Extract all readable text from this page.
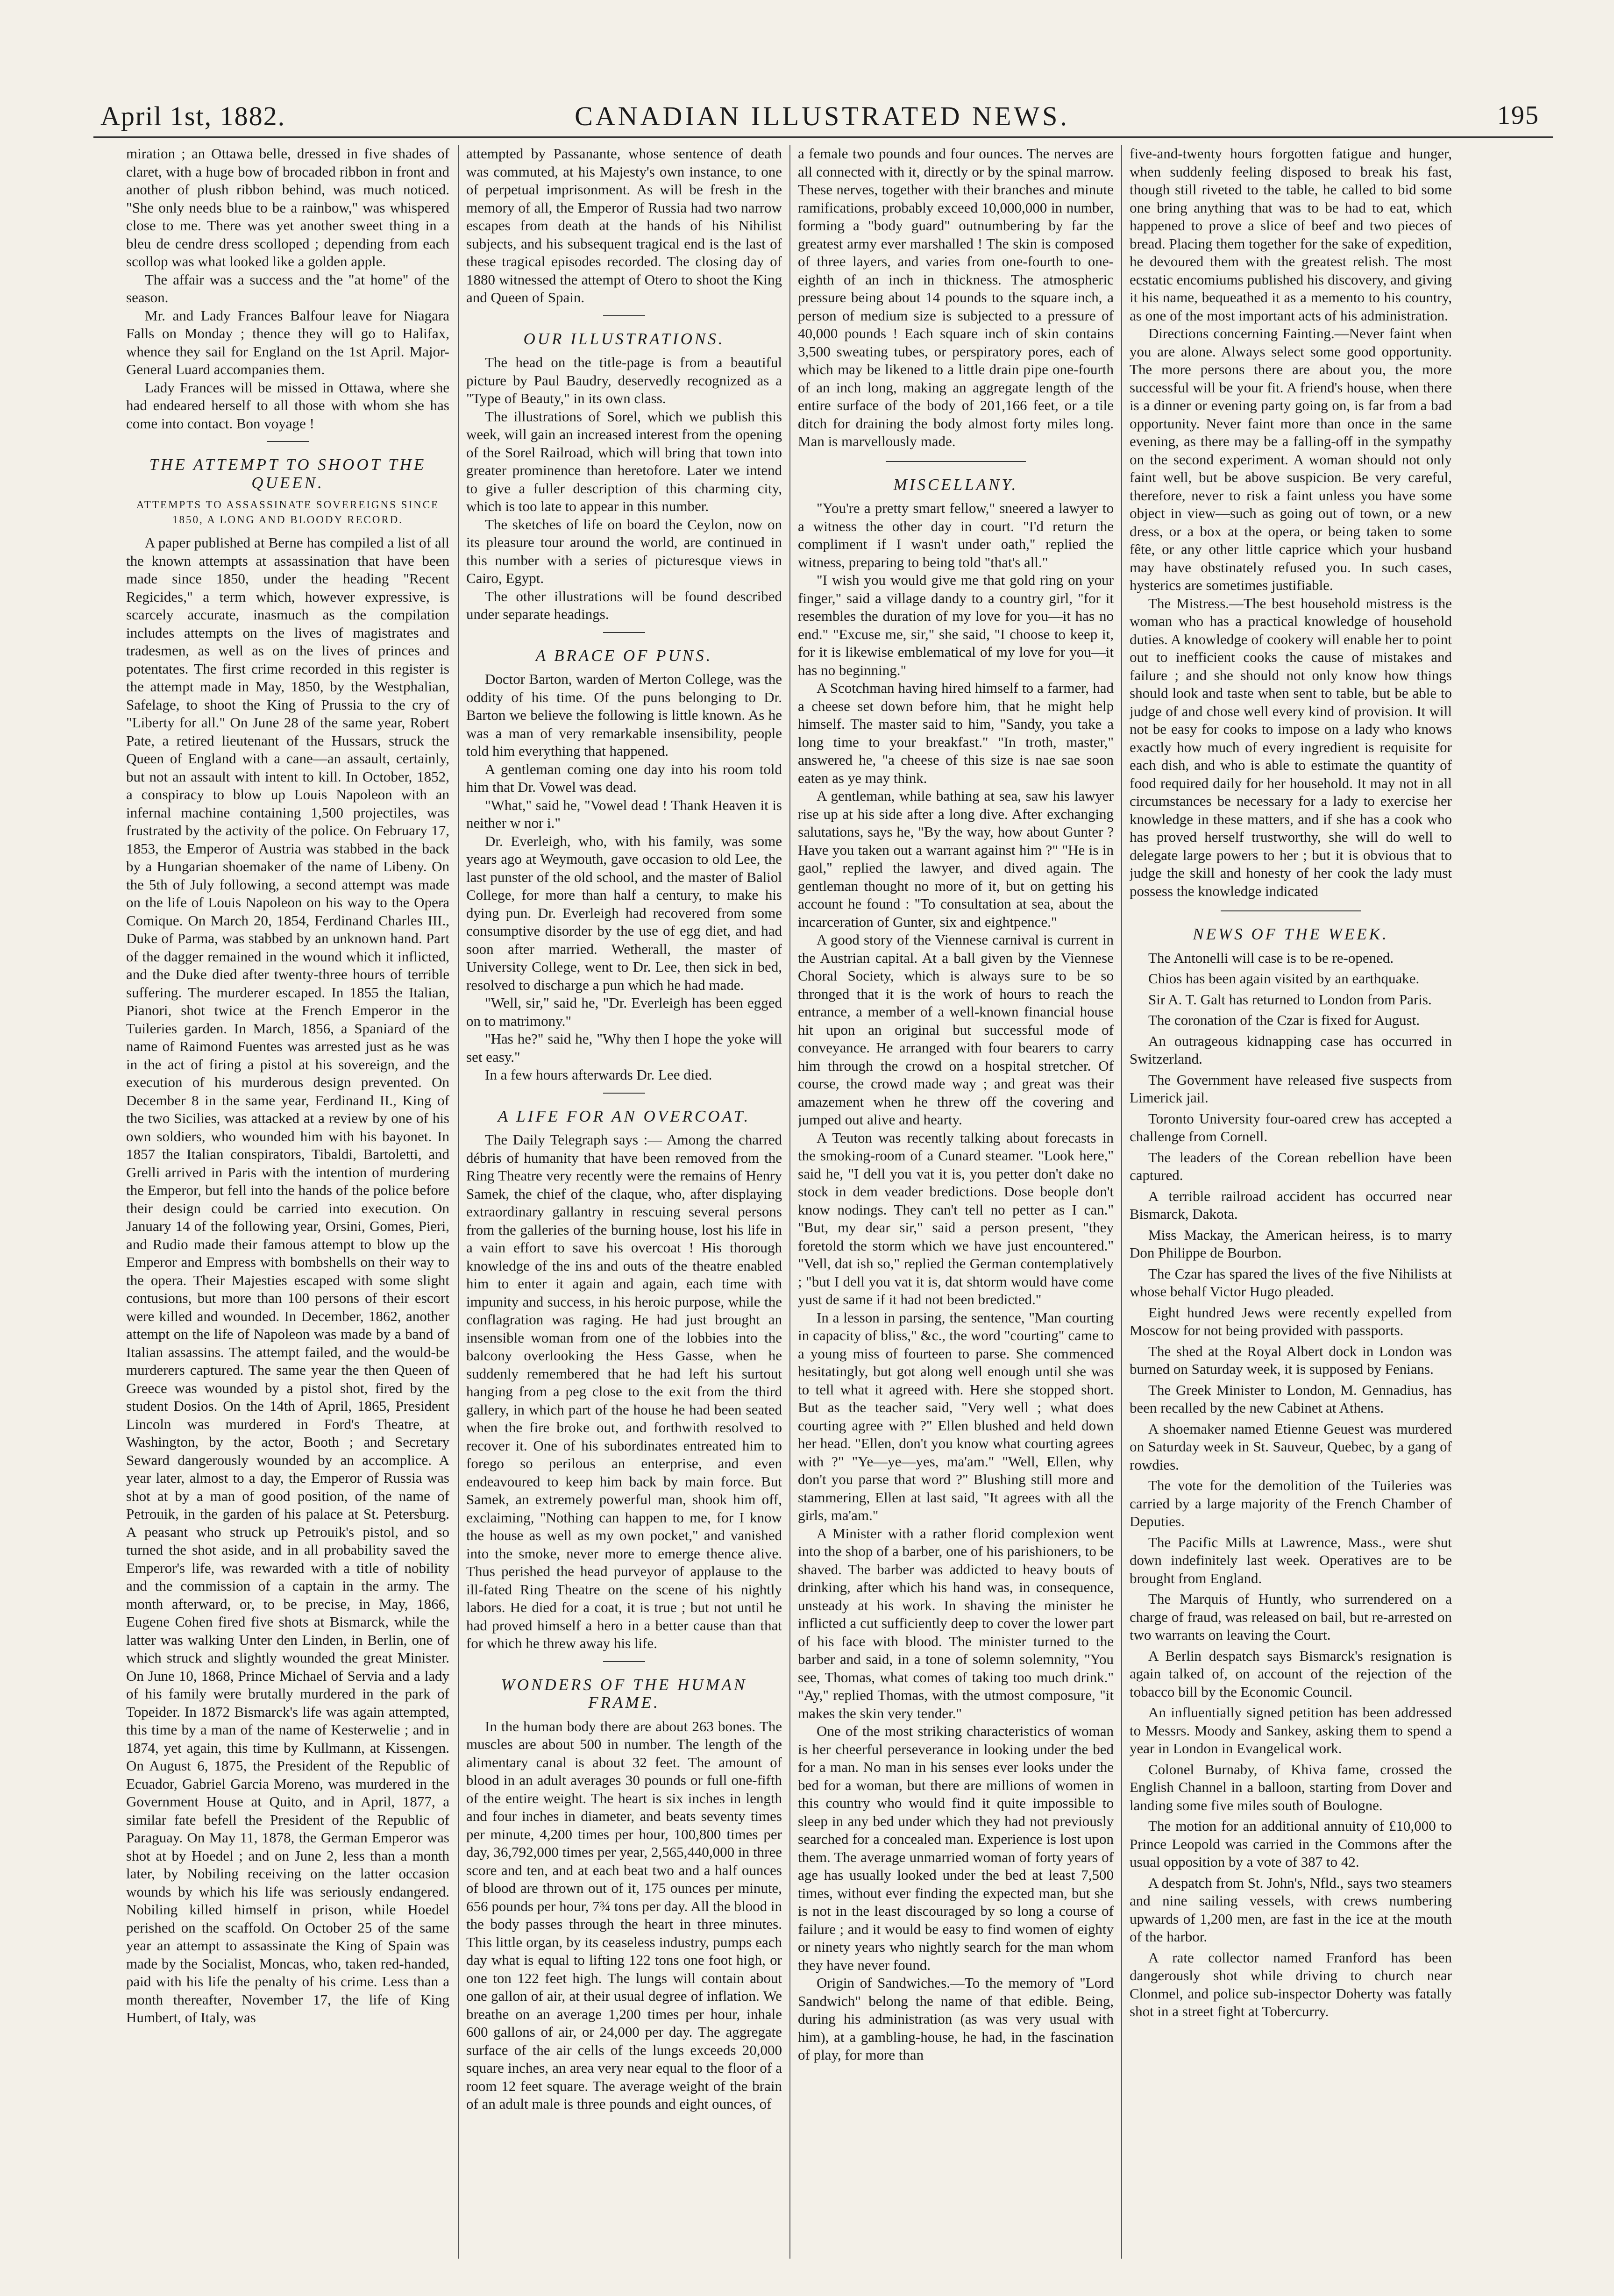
April 1st, 1882.	CANADIAN ILLUSTRATED NEWS.	195

miration ; an Ottawa belle, dressed in five shades of claret, with a huge bow of brocaded ribbon in front and another of plush ribbon behind, was much noticed. "She only needs blue to be a rainbow," was whispered close to me. There was yet another sweet thing in a bleu de cendre dress scolloped ; depending from each scollop was what looked like a golden apple.

The affair was a success and the "at home" of the season.

Mr. and Lady Frances Balfour leave for Niagara Falls on Monday ; thence they will go to Halifax, whence they sail for England on the 1st April. Major-General Luard accompanies them.

Lady Frances will be missed in Ottawa, where she had endeared herself to all those with whom she has come into contact. Bon voyage !

THE ATTEMPT TO SHOOT THE QUEEN.
ATTEMPTS TO ASSASSINATE SOVEREIGNS SINCE 1850, A LONG AND BLOODY RECORD.

A paper published at Berne has compiled a list of all the known attempts at assassination that have been made since 1850, under the heading "Recent Regicides," a term which, however expressive, is scarcely accurate, inasmuch as the compilation includes attempts on the lives of magistrates and tradesmen, as well as on the lives of princes and potentates. The first crime recorded in this register is the attempt made in May, 1850, by the Westphalian, Safelage, to shoot the King of Prussia to the cry of "Liberty for all." On June 28 of the same year, Robert Pate, a retired lieutenant of the Hussars, struck the Queen of England with a cane—an assault, certainly, but not an assault with intent to kill. In October, 1852, a conspiracy to blow up Louis Napoleon with an infernal machine containing 1,500 projectiles, was frustrated by the activity of the police. On February 17, 1853, the Emperor of Austria was stabbed in the back by a Hungarian shoemaker of the name of Libeny. On the 5th of July following, a second attempt was made on the life of Louis Napoleon on his way to the Opera Comique. On March 20, 1854, Ferdinand Charles III., Duke of Parma, was stabbed by an unknown hand. Part of the dagger remained in the wound which it inflicted, and the Duke died after twenty-three hours of terrible suffering. The murderer escaped. In 1855 the Italian, Pianori, shot twice at the French Emperor in the Tuileries garden. In March, 1856, a Spaniard of the name of Raimond Fuentes was arrested just as he was in the act of firing a pistol at his sovereign, and the execution of his murderous design prevented. On December 8 in the same year, Ferdinand II., King of the two Sicilies, was attacked at a review by one of his own soldiers, who wounded him with his bayonet. In 1857 the Italian conspirators, Tibaldi, Bartoletti, and Grelli arrived in Paris with the intention of murdering the Emperor, but fell into the hands of the police before their design could be carried into execution. On January 14 of the following year, Orsini, Gomes, Pieri, and Rudio made their famous attempt to blow up the Emperor and Empress with bombshells on their way to the opera. Their Majesties escaped with some slight contusions, but more than 100 persons of their escort were killed and wounded. In December, 1862, another attempt on the life of Napoleon was made by a band of Italian assassins. The attempt failed, and the would-be murderers captured. The same year the then Queen of Greece was wounded by a pistol shot, fired by the student Dosios. On the 14th of April, 1865, President Lincoln was murdered in Ford's Theatre, at Washington, by the actor, Booth ; and Secretary Seward dangerously wounded by an accomplice. A year later, almost to a day, the Emperor of Russia was shot at by a man of good position, of the name of Petrouik, in the garden of his palace at St. Petersburg. A peasant who struck up Petrouik's pistol, and so turned the shot aside, and in all probability saved the Emperor's life, was rewarded with a title of nobility and the commission of a captain in the army. The month afterward, or, to be precise, in May, 1866, Eugene Cohen fired five shots at Bismarck, while the latter was walking Unter den Linden, in Berlin, one of which struck and slightly wounded the great Minister. On June 10, 1868, Prince Michael of Servia and a lady of his family were brutally murdered in the park of Topeider. In 1872 Bismarck's life was again attempted, this time by a man of the name of Kesterwelie ; and in 1874, yet again, this time by Kullmann, at Kissengen. On August 6, 1875, the President of the Republic of Ecuador, Gabriel Garcia Moreno, was murdered in the Government House at Quito, and in April, 1877, a similar fate befell the President of the Republic of Paraguay. On May 11, 1878, the German Emperor was shot at by Hoedel ; and on June 2, less than a month later, by Nobiling receiving on the latter occasion wounds by which his life was seriously endangered. Nobiling killed himself in prison, while Hoedel perished on the scaffold. On October 25 of the same year an attempt to assassinate the King of Spain was made by the Socialist, Moncas, who, taken red-handed, paid with his life the penalty of his crime. Less than a month thereafter, November 17, the life of King Humbert, of Italy, was

attempted by Passanante, whose sentence of death was commuted, at his Majesty's own instance, to one of perpetual imprisonment. As will be fresh in the memory of all, the Emperor of Russia had two narrow escapes from death at the hands of his Nihilist subjects, and his subsequent tragical end is the last of these tragical episodes recorded. The closing day of 1880 witnessed the attempt of Otero to shoot the King and Queen of Spain.

OUR ILLUSTRATIONS.

The head on the title-page is from a beautiful picture by Paul Baudry, deservedly recognized as a "Type of Beauty," in its own class.

The illustrations of Sorel, which we publish this week, will gain an increased interest from the opening of the Sorel Railroad, which will bring that town into greater prominence than heretofore. Later we intend to give a fuller description of this charming city, which is too late to appear in this number.

The sketches of life on board the Ceylon, now on its pleasure tour around the world, are continued in this number with a series of picturesque views in Cairo, Egypt.

The other illustrations will be found described under separate headings.

A BRACE OF PUNS.

Doctor Barton, warden of Merton College, was the oddity of his time. Of the puns belonging to Dr. Barton we believe the following is little known. As he was a man of very remarkable insensibility, people told him everything that happened.

A gentleman coming one day into his room told him that Dr. Vowel was dead.

"What," said he, "Vowel dead ! Thank Heaven it is neither w nor i."

Dr. Everleigh, who, with his family, was some years ago at Weymouth, gave occasion to old Lee, the last punster of the old school, and the master of Baliol College, for more than half a century, to make his dying pun. Dr. Everleigh had recovered from some consumptive disorder by the use of egg diet, and had soon after married. Wetherall, the master of University College, went to Dr. Lee, then sick in bed, resolved to discharge a pun which he had made.

"Well, sir," said he, "Dr. Everleigh has been egged on to matrimony."

"Has he?" said he, "Why then I hope the yoke will set easy."

In a few hours afterwards Dr. Lee died.

A LIFE FOR AN OVERCOAT.

The Daily Telegraph says :— Among the charred débris of humanity that have been removed from the Ring Theatre very recently were the remains of Henry Samek, the chief of the claque, who, after displaying extraordinary gallantry in rescuing several persons from the galleries of the burning house, lost his life in a vain effort to save his overcoat ! His thorough knowledge of the ins and outs of the theatre enabled him to enter it again and again, each time with impunity and success, in his heroic purpose, while the conflagration was raging. He had just brought an insensible woman from one of the lobbies into the balcony overlooking the Hess Gasse, when he suddenly remembered that he had left his surtout hanging from a peg close to the exit from the third gallery, in which part of the house he had been seated when the fire broke out, and forthwith resolved to recover it. One of his subordinates entreated him to forego so perilous an enterprise, and even endeavoured to keep him back by main force. But Samek, an extremely powerful man, shook him off, exclaiming, "Nothing can happen to me, for I know the house as well as my own pocket," and vanished into the smoke, never more to emerge thence alive. Thus perished the head purveyor of applause to the ill-fated Ring Theatre on the scene of his nightly labors. He died for a coat, it is true ; but not until he had proved himself a hero in a better cause than that for which he threw away his life.

WONDERS OF THE HUMAN FRAME.

In the human body there are about 263 bones. The muscles are about 500 in number. The length of the alimentary canal is about 32 feet. The amount of blood in an adult averages 30 pounds or full one-fifth of the entire weight. The heart is six inches in length and four inches in diameter, and beats seventy times per minute, 4,200 times per hour, 100,800 times per day, 36,792,000 times per year, 2,565,440,000 in three score and ten, and at each beat two and a half ounces of blood are thrown out of it, 175 ounces per minute, 656 pounds per hour, 7¾ tons per day. All the blood in the body passes through the heart in three minutes. This little organ, by its ceaseless industry, pumps each day what is equal to lifting 122 tons one foot high, or one ton 122 feet high. The lungs will contain about one gallon of air, at their usual degree of inflation. We breathe on an average 1,200 times per hour, inhale 600 gallons of air, or 24,000 per day. The aggregate surface of the air cells of the lungs exceeds 20,000 square inches, an area very near equal to the floor of a room 12 feet square. The average weight of the brain of an adult male is three pounds and eight ounces, of

a female two pounds and four ounces. The nerves are all connected with it, directly or by the spinal marrow. These nerves, together with their branches and minute ramifications, probably exceed 10,000,000 in number, forming a "body guard" outnumbering by far the greatest army ever marshalled ! The skin is composed of three layers, and varies from one-fourth to one-eighth of an inch in thickness. The atmospheric pressure being about 14 pounds to the square inch, a person of medium size is subjected to a pressure of 40,000 pounds ! Each square inch of skin contains 3,500 sweating tubes, or perspiratory pores, each of which may be likened to a little drain pipe one-fourth of an inch long, making an aggregate length of the entire surface of the body of 201,166 feet, or a tile ditch for draining the body almost forty miles long. Man is marvellously made.

MISCELLANY.

"You're a pretty smart fellow," sneered a lawyer to a witness the other day in court. "I'd return the compliment if I wasn't under oath," replied the witness, preparing to being told "that's all."

"I wish you would give me that gold ring on your finger," said a village dandy to a country girl, "for it resembles the duration of my love for you—it has no end." "Excuse me, sir," she said, "I choose to keep it, for it is likewise emblematical of my love for you—it has no beginning."

A Scotchman having hired himself to a farmer, had a cheese set down before him, that he might help himself. The master said to him, "Sandy, you take a long time to your breakfast." "In troth, master," answered he, "a cheese of this size is nae sae soon eaten as ye may think.

A gentleman, while bathing at sea, saw his lawyer rise up at his side after a long dive. After exchanging salutations, says he, "By the way, how about Gunter ? Have you taken out a warrant against him ?" "He is in gaol," replied the lawyer, and dived again. The gentleman thought no more of it, but on getting his account he found : "To consultation at sea, about the incarceration of Gunter, six and eightpence."

A good story of the Viennese carnival is current in the Austrian capital. At a ball given by the Viennese Choral Society, which is always sure to be so thronged that it is the work of hours to reach the entrance, a member of a well-known financial house hit upon an original but successful mode of conveyance. He arranged with four bearers to carry him through the crowd on a hospital stretcher. Of course, the crowd made way ; and great was their amazement when he threw off the covering and jumped out alive and hearty.

A Teuton was recently talking about forecasts in the smoking-room of a Cunard steamer. "Look here," said he, "I dell you vat it is, you petter don't dake no stock in dem veader bredictions. Dose beople don't know nodings. They can't tell no petter as I can." "But, my dear sir," said a person present, "they foretold the storm which we have just encountered." "Vell, dat ish so," replied the German contemplatively ; "but I dell you vat it is, dat shtorm would have come yust de same if it had not been bredicted."

In a lesson in parsing, the sentence, "Man courting in capacity of bliss," &c., the word "courting" came to a young miss of fourteen to parse. She commenced hesitatingly, but got along well enough until she was to tell what it agreed with. Here she stopped short. But as the teacher said, "Very well ; what does courting agree with ?" Ellen blushed and held down her head. "Ellen, don't you know what courting agrees with ?" "Ye—ye—yes, ma'am." "Well, Ellen, why don't you parse that word ?" Blushing still more and stammering, Ellen at last said, "It agrees with all the girls, ma'am."

A Minister with a rather florid complexion went into the shop of a barber, one of his parishioners, to be shaved. The barber was addicted to heavy bouts of drinking, after which his hand was, in consequence, unsteady at his work. In shaving the minister he inflicted a cut sufficiently deep to cover the lower part of his face with blood. The minister turned to the barber and said, in a tone of solemn solemnity, "You see, Thomas, what comes of taking too much drink." "Ay," replied Thomas, with the utmost composure, "it makes the skin very tender."

One of the most striking characteristics of woman is her cheerful perseverance in looking under the bed for a man. No man in his senses ever looks under the bed for a woman, but there are millions of women in this country who would find it quite impossible to sleep in any bed under which they had not previously searched for a concealed man. Experience is lost upon them. The average unmarried woman of forty years of age has usually looked under the bed at least 7,500 times, without ever finding the expected man, but she is not in the least discouraged by so long a course of failure ; and it would be easy to find women of eighty or ninety years who nightly search for the man whom they have never found.

Origin of Sandwiches.—To the memory of "Lord Sandwich" belong the name of that edible. Being, during his administration (as was very usual with him), at a gambling-house, he had, in the fascination of play, for more than

five-and-twenty hours forgotten fatigue and hunger, when suddenly feeling disposed to break his fast, though still riveted to the table, he called to bid some one bring anything that was to be had to eat, which happened to prove a slice of beef and two pieces of bread. Placing them together for the sake of expedition, he devoured them with the greatest relish. The most ecstatic encomiums published his discovery, and giving it his name, bequeathed it as a memento to his country, as one of the most important acts of his administration.

Directions concerning Fainting.—Never faint when you are alone. Always select some good opportunity. The more persons there are about you, the more successful will be your fit. A friend's house, when there is a dinner or evening party going on, is far from a bad opportunity. Never faint more than once in the same evening, as there may be a falling-off in the sympathy on the second experiment. A woman should not only faint well, but be above suspicion. Be very careful, therefore, never to risk a faint unless you have some object in view—such as going out of town, or a new dress, or a box at the opera, or being taken to some fête, or any other little caprice which your husband may have obstinately refused you. In such cases, hysterics are sometimes justifiable.

The Mistress.—The best household mistress is the woman who has a practical knowledge of household duties. A knowledge of cookery will enable her to point out to inefficient cooks the cause of mistakes and failure ; and she should not only know how things should look and taste when sent to table, but be able to judge of and chose well every kind of provision. It will not be easy for cooks to impose on a lady who knows exactly how much of every ingredient is requisite for each dish, and who is able to estimate the quantity of food required daily for her household. It may not in all circumstances be necessary for a lady to exercise her knowledge in these matters, and if she has a cook who has proved herself trustworthy, she will do well to delegate large powers to her ; but it is obvious that to judge the skill and honesty of her cook the lady must possess the knowledge indicated

NEWS OF THE WEEK.

The Antonelli will case is to be re-opened.

Chios has been again visited by an earthquake.

Sir A. T. Galt has returned to London from Paris.

The coronation of the Czar is fixed for August.

An outrageous kidnapping case has occurred in Switzerland.

The Government have released five suspects from Limerick jail.

Toronto University four-oared crew has accepted a challenge from Cornell.

The leaders of the Corean rebellion have been captured.

A terrible railroad accident has occurred near Bismarck, Dakota.

Miss Mackay, the American heiress, is to marry Don Philippe de Bourbon.

The Czar has spared the lives of the five Nihilists at whose behalf Victor Hugo pleaded.

Eight hundred Jews were recently expelled from Moscow for not being provided with passports.

The shed at the Royal Albert dock in London was burned on Saturday week, it is supposed by Fenians.

The Greek Minister to London, M. Gennadius, has been recalled by the new Cabinet at Athens.

A shoemaker named Etienne Geuest was murdered on Saturday week in St. Sauveur, Quebec, by a gang of rowdies.

The vote for the demolition of the Tuileries was carried by a large majority of the French Chamber of Deputies.

The Pacific Mills at Lawrence, Mass., were shut down indefinitely last week. Operatives are to be brought from England.

The Marquis of Huntly, who surrendered on a charge of fraud, was released on bail, but re-arrested on two warrants on leaving the Court.

A Berlin despatch says Bismarck's resignation is again talked of, on account of the rejection of the tobacco bill by the Economic Council.

An influentially signed petition has been addressed to Messrs. Moody and Sankey, asking them to spend a year in London in Evangelical work.

Colonel Burnaby, of Khiva fame, crossed the English Channel in a balloon, starting from Dover and landing some five miles south of Boulogne.

The motion for an additional annuity of £10,000 to Prince Leopold was carried in the Commons after the usual opposition by a vote of 387 to 42.

A despatch from St. John's, Nfld., says two steamers and nine sailing vessels, with crews numbering upwards of 1,200 men, are fast in the ice at the mouth of the harbor.

A rate collector named Franford has been dangerously shot while driving to church near Clonmel, and police sub-inspector Doherty was fatally shot in a street fight at Tobercurry.
